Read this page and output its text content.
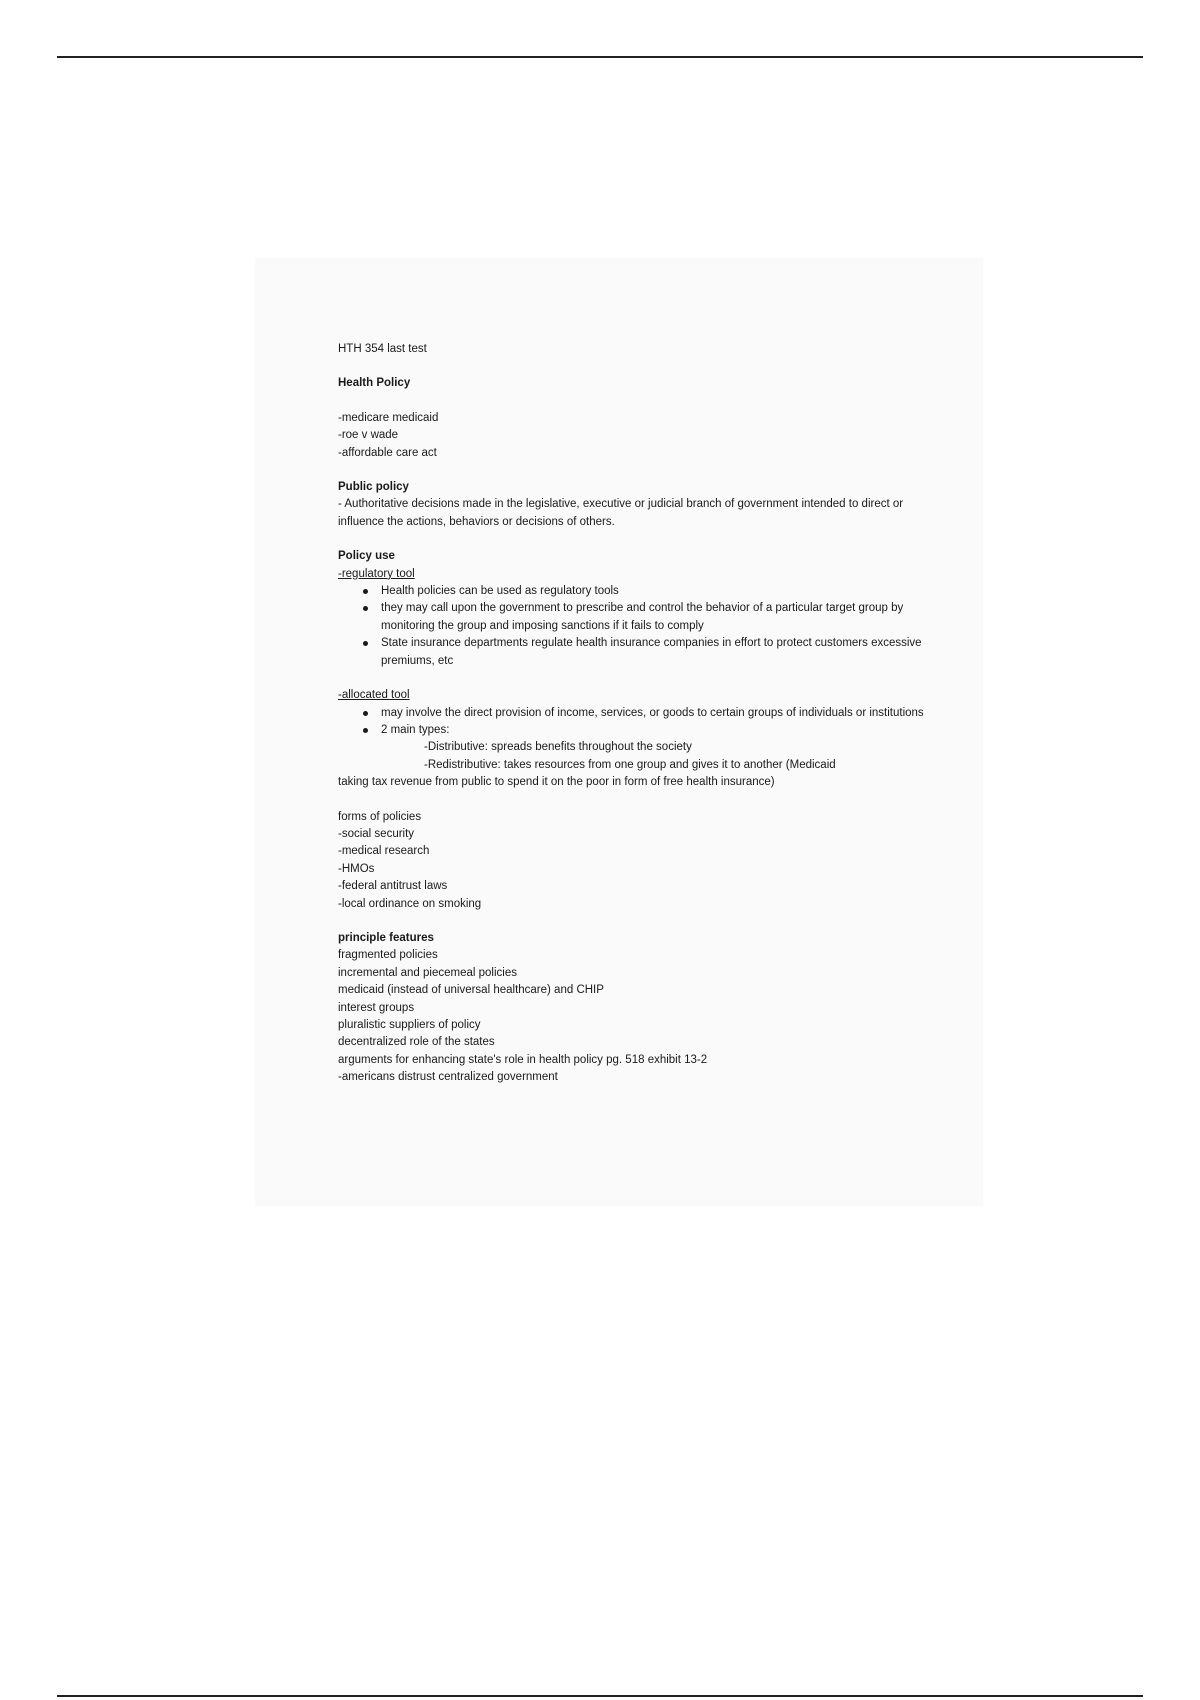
HTH 354 last test
Health Policy
-medicare medicaid
-roe v wade
-affordable care act
Public policy
- Authoritative decisions made in the legislative, executive or judicial branch of government intended to direct or influence the actions, behaviors or decisions of others.
Policy use
-regulatory tool
Health policies can be used as regulatory tools
they may call upon the government to prescribe and control the behavior of a particular target group by monitoring the group and imposing sanctions if it fails to comply
State insurance departments regulate health insurance companies in effort to protect customers excessive premiums, etc
-allocated tool
may involve the direct provision of income, services, or goods to certain groups of individuals or institutions
2 main types:
-Distributive: spreads benefits throughout the society
-Redistributive: takes resources from one group and gives it to another (Medicaid
taking tax revenue from public to spend it on the poor in form of free health insurance)
forms of policies
-social security
-medical research
-HMOs
-federal antitrust laws
-local ordinance on smoking
principle features
fragmented policies
incremental and piecemeal policies
medicaid (instead of universal healthcare) and CHIP
interest groups
pluralistic suppliers of policy
decentralized role of the states
arguments for enhancing state's role in health policy pg. 518 exhibit 13-2
-americans distrust centralized government
